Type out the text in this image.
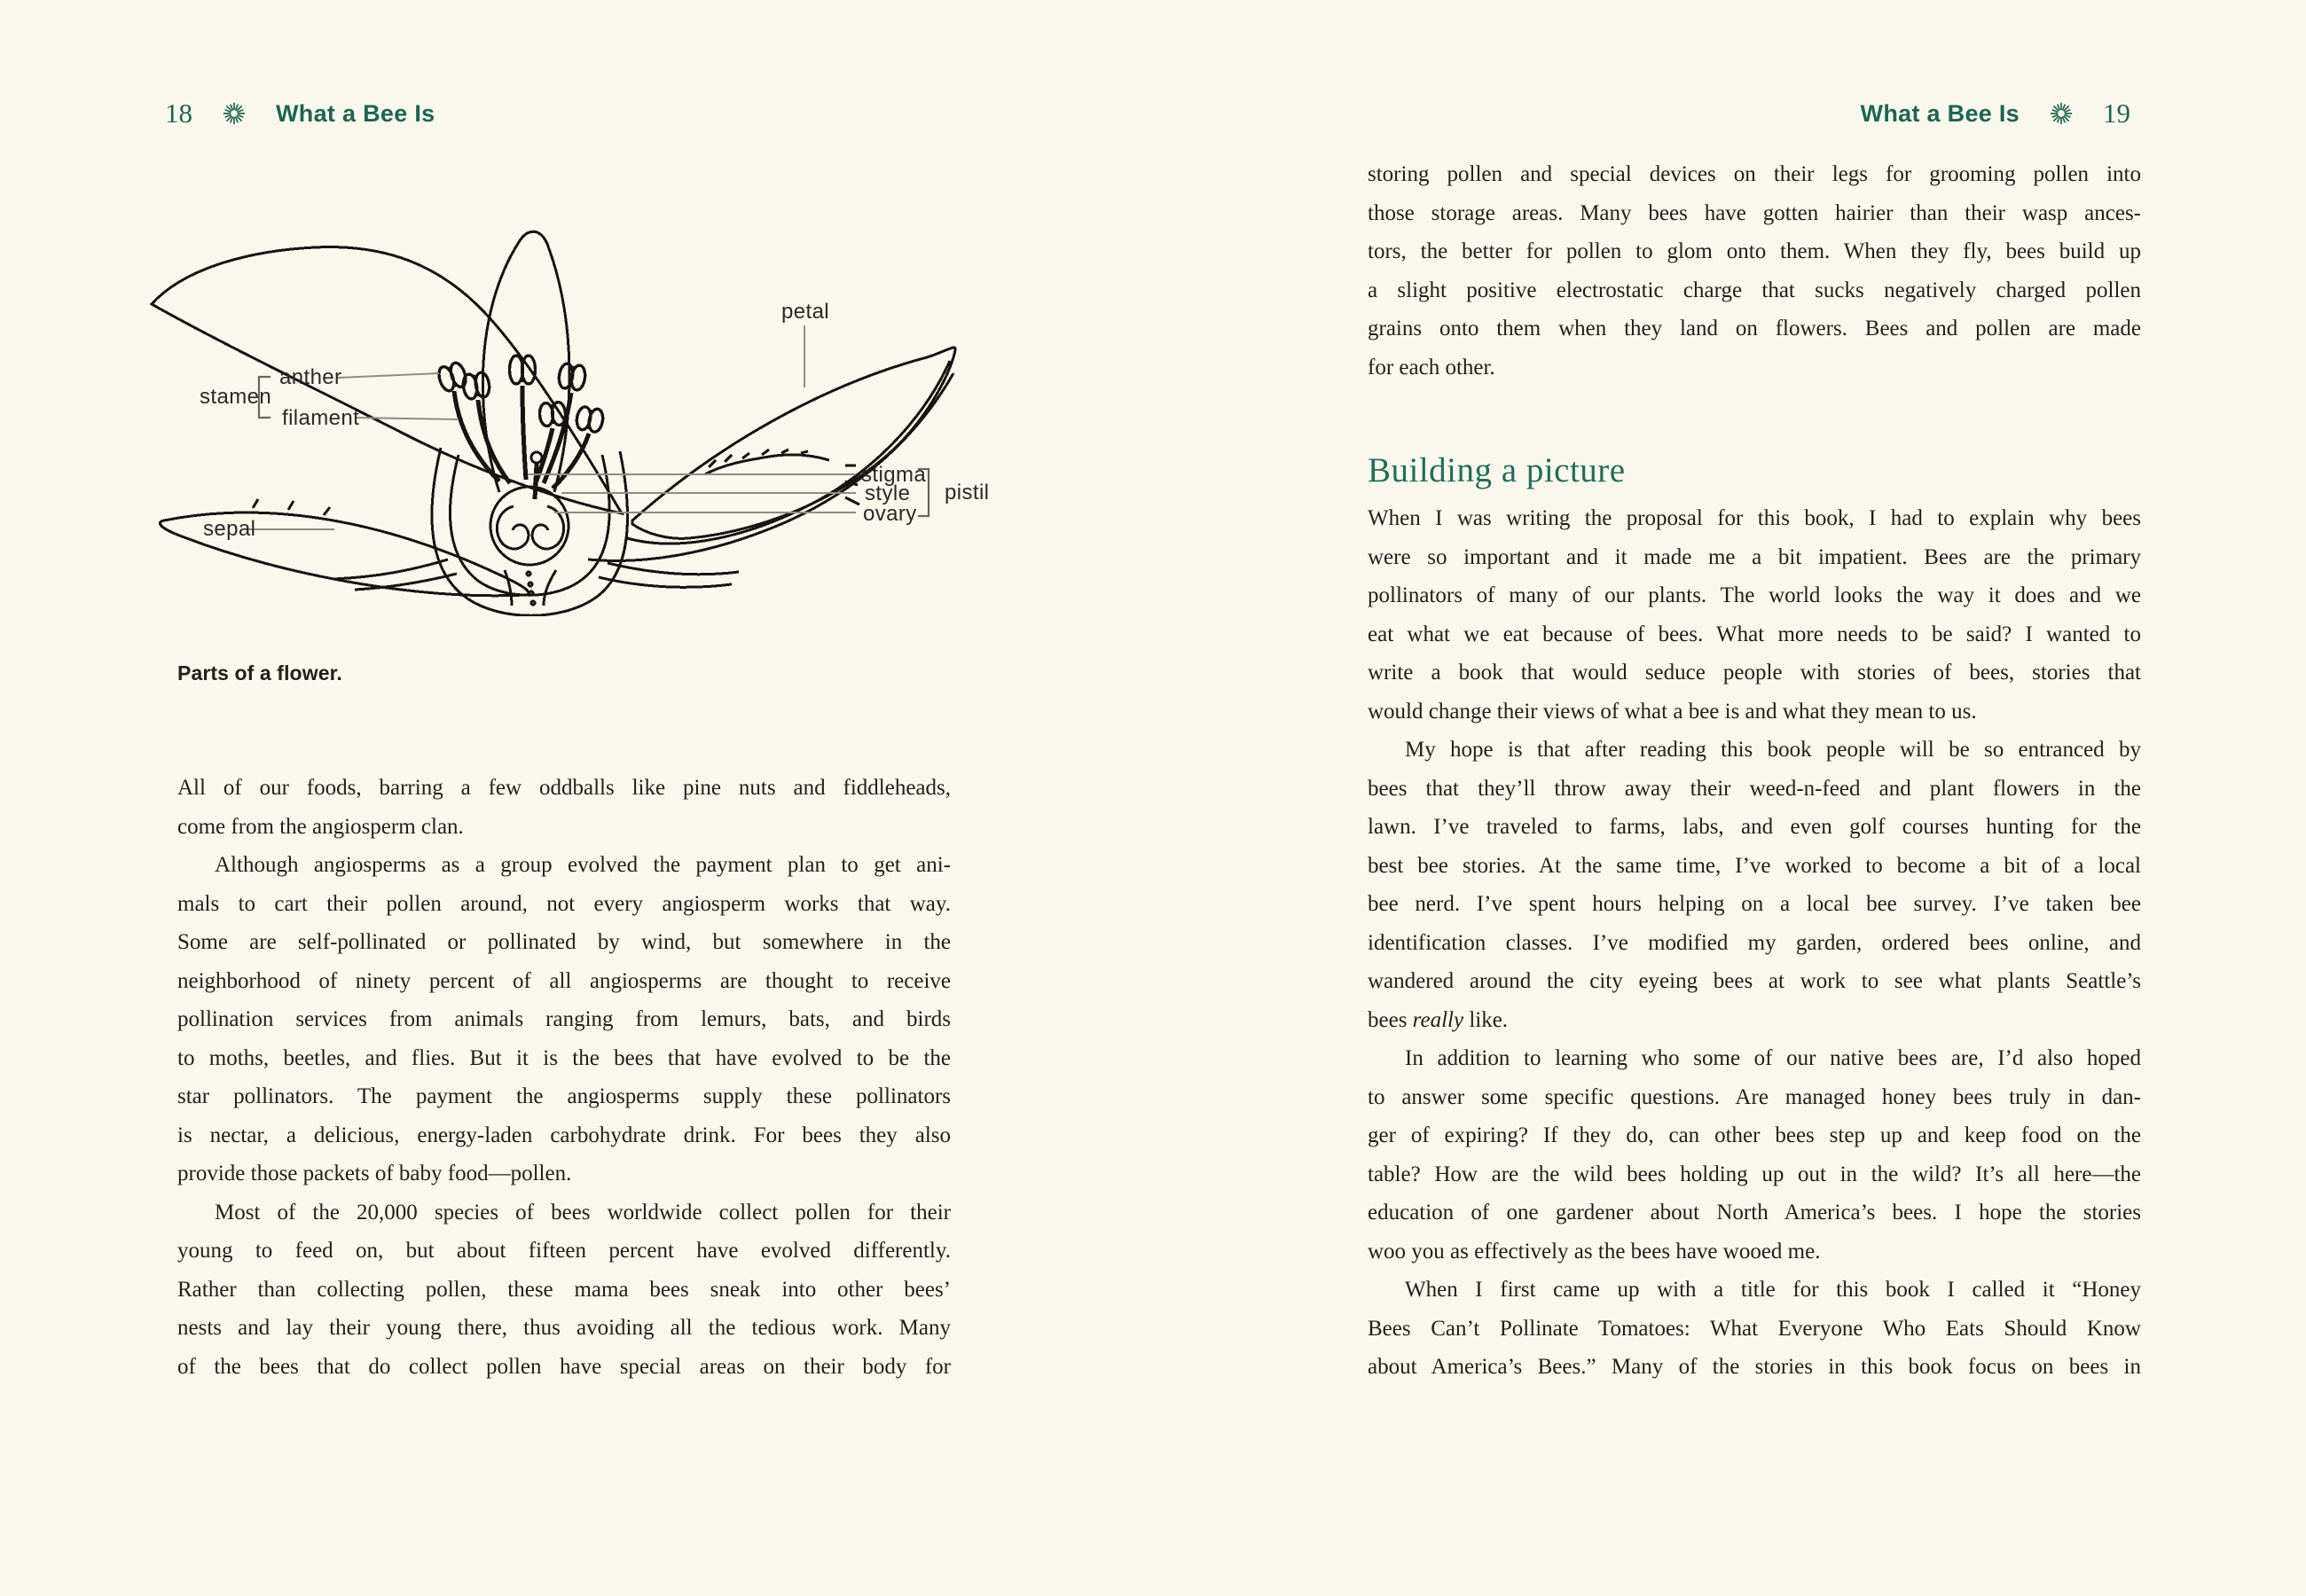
18	What a Bee Is	What a Bee Is	19
stamen
anther
filament
petal
stigma
style
ovary
pistil
sepal
Parts of a flower.
All of our foods, barring a few oddballs like pine nuts and fiddleheads,
come from the angiosperm clan.
Although angiosperms as a group evolved the payment plan to get ani-
mals to cart their pollen around, not every angiosperm works that way.
Some are self-pollinated or pollinated by wind, but somewhere in the
neighborhood of ninety percent of all angiosperms are thought to receive
pollination services from animals ranging from lemurs, bats, and birds
to moths, beetles, and flies. But it is the bees that have evolved to be the
star pollinators. The payment the angiosperms supply these pollinators
is nectar, a delicious, energy-laden carbohydrate drink. For bees they also
provide those packets of baby food—pollen.
Most of the 20,000 species of bees worldwide collect pollen for their
young to feed on, but about fifteen percent have evolved differently.
Rather than collecting pollen, these mama bees sneak into other bees’
nests and lay their young there, thus avoiding all the tedious work. Many
of the bees that do collect pollen have special areas on their body for
storing pollen and special devices on their legs for grooming pollen into
those storage areas. Many bees have gotten hairier than their wasp ances-
tors, the better for pollen to glom onto them. When they fly, bees build up
a slight positive electrostatic charge that sucks negatively charged pollen
grains onto them when they land on flowers. Bees and pollen are made
for each other.
Building a picture
When I was writing the proposal for this book, I had to explain why bees
were so important and it made me a bit impatient. Bees are the primary
pollinators of many of our plants. The world looks the way it does and we
eat what we eat because of bees. What more needs to be said? I wanted to
write a book that would seduce people with stories of bees, stories that
would change their views of what a bee is and what they mean to us.
My hope is that after reading this book people will be so entranced by
bees that they’ll throw away their weed-n-feed and plant flowers in the
lawn. I’ve traveled to farms, labs, and even golf courses hunting for the
best bee stories. At the same time, I’ve worked to become a bit of a local
bee nerd. I’ve spent hours helping on a local bee survey. I’ve taken bee
identification classes. I’ve modified my garden, ordered bees online, and
wandered around the city eyeing bees at work to see what plants Seattle’s
bees really like.
In addition to learning who some of our native bees are, I’d also hoped
to answer some specific questions. Are managed honey bees truly in dan-
ger of expiring? If they do, can other bees step up and keep food on the
table? How are the wild bees holding up out in the wild? It’s all here—the
education of one gardener about North America’s bees. I hope the stories
woo you as effectively as the bees have wooed me.
When I first came up with a title for this book I called it “Honey
Bees Can’t Pollinate Tomatoes: What Everyone Who Eats Should Know
about America’s Bees.” Many of the stories in this book focus on bees in
